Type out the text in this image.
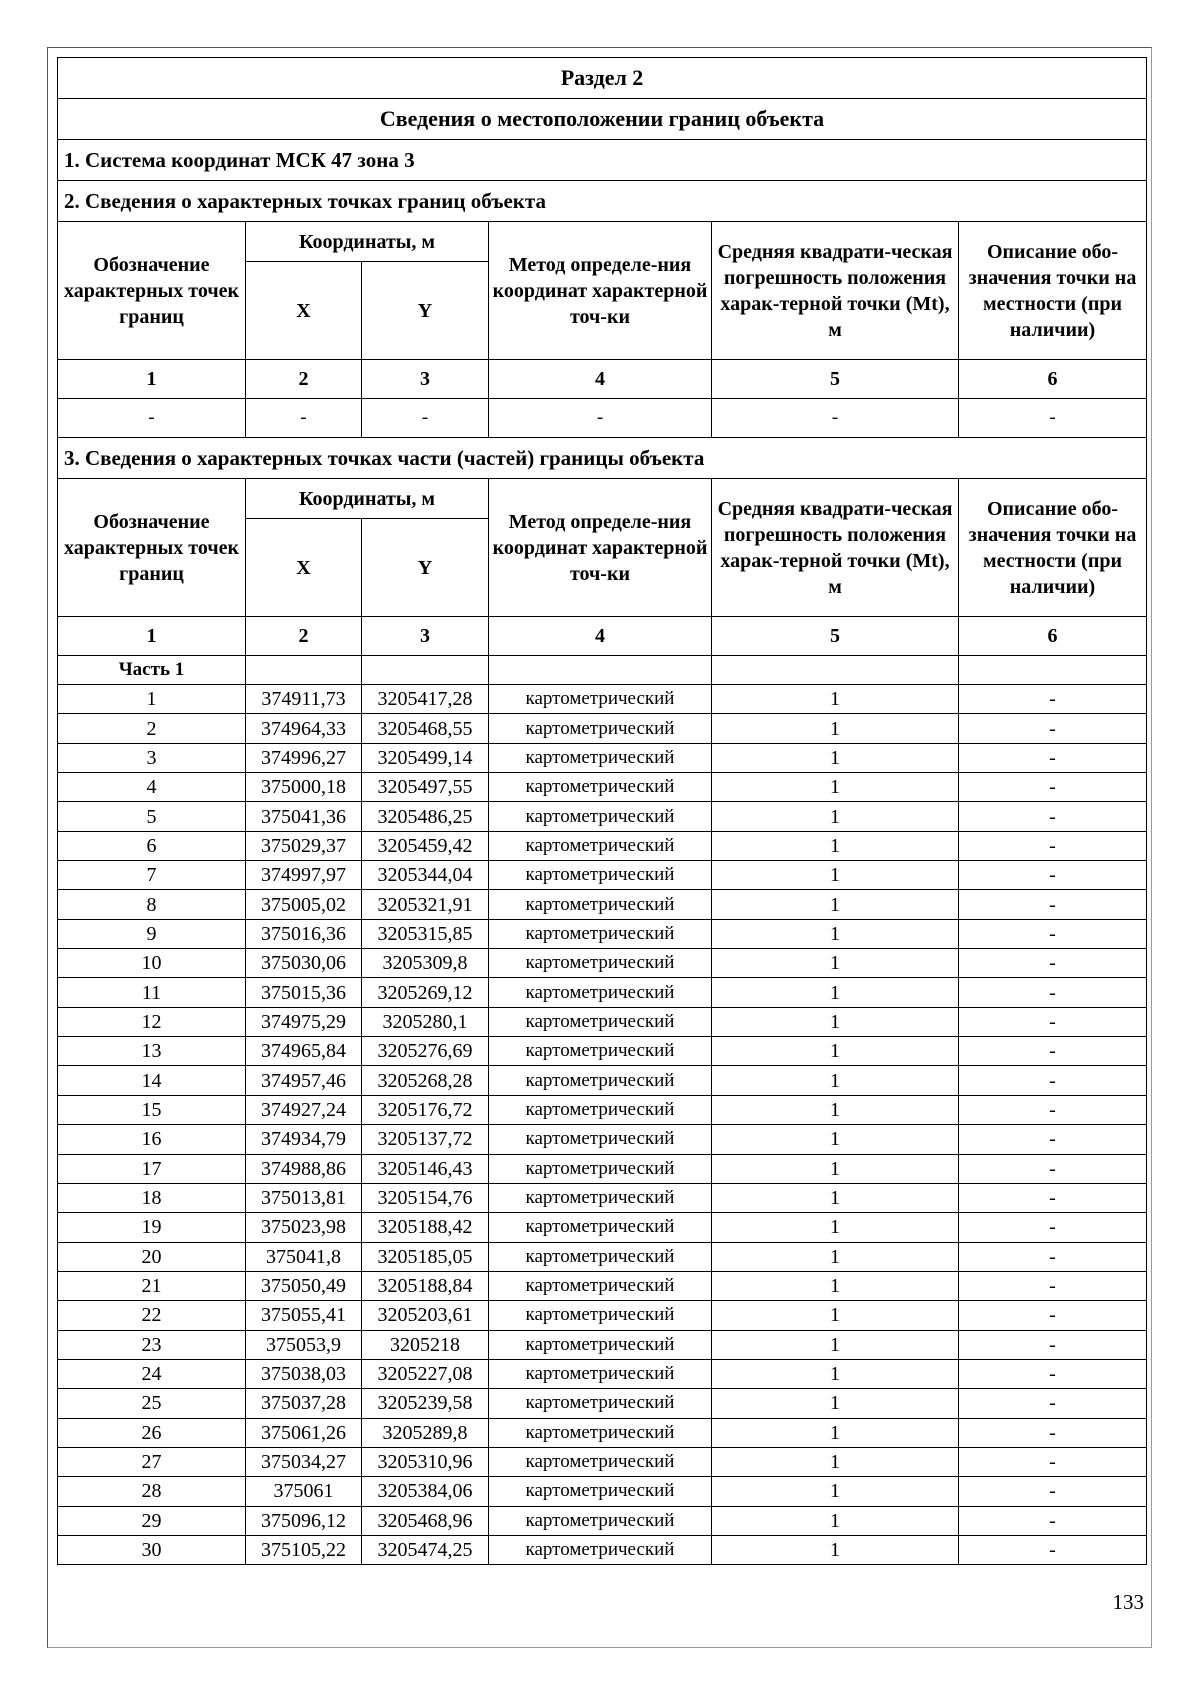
Раздел 2					
Сведения о местоположении границ объекта					
1. Система координат МСК 47 зона 3					
2. Сведения о характерных точках границ объекта					
Обозначение характерных точек границ	Координаты, м		Метод определе-ния координат характерной точ-ки	Средняя квадрати-ческая погрешность положения харак-терной точки (Mt), м	Описание обо-значения точки на местности (при наличии)
	X	Y			
1	2	3	4	5	6
-	-	-	-	-	-
3. Сведения о характерных точках части (частей) границы объекта					
Обозначение характерных точек границ	Координаты, м		Метод определе-ния координат характерной точ-ки	Средняя квадрати-ческая погрешность положения харак-терной точки (Mt), м	Описание обо-значения точки на местности (при наличии)
	X	Y			
1	2	3	4	5	6
Часть 1					
1	374911,73	3205417,28	картометрический	1	-
2	374964,33	3205468,55	картометрический	1	-
3	374996,27	3205499,14	картометрический	1	-
4	375000,18	3205497,55	картометрический	1	-
5	375041,36	3205486,25	картометрический	1	-
6	375029,37	3205459,42	картометрический	1	-
7	374997,97	3205344,04	картометрический	1	-
8	375005,02	3205321,91	картометрический	1	-
9	375016,36	3205315,85	картометрический	1	-
10	375030,06	3205309,8	картометрический	1	-
11	375015,36	3205269,12	картометрический	1	-
12	374975,29	3205280,1	картометрический	1	-
13	374965,84	3205276,69	картометрический	1	-
14	374957,46	3205268,28	картометрический	1	-
15	374927,24	3205176,72	картометрический	1	-
16	374934,79	3205137,72	картометрический	1	-
17	374988,86	3205146,43	картометрический	1	-
18	375013,81	3205154,76	картометрический	1	-
19	375023,98	3205188,42	картометрический	1	-
20	375041,8	3205185,05	картометрический	1	-
21	375050,49	3205188,84	картометрический	1	-
22	375055,41	3205203,61	картометрический	1	-
23	375053,9	3205218	картометрический	1	-
24	375038,03	3205227,08	картометрический	1	-
25	375037,28	3205239,58	картометрический	1	-
26	375061,26	3205289,8	картометрический	1	-
27	375034,27	3205310,96	картометрический	1	-
28	375061	3205384,06	картометрический	1	-
29	375096,12	3205468,96	картометрический	1	-
30	375105,22	3205474,25	картометрический	1	-
133
